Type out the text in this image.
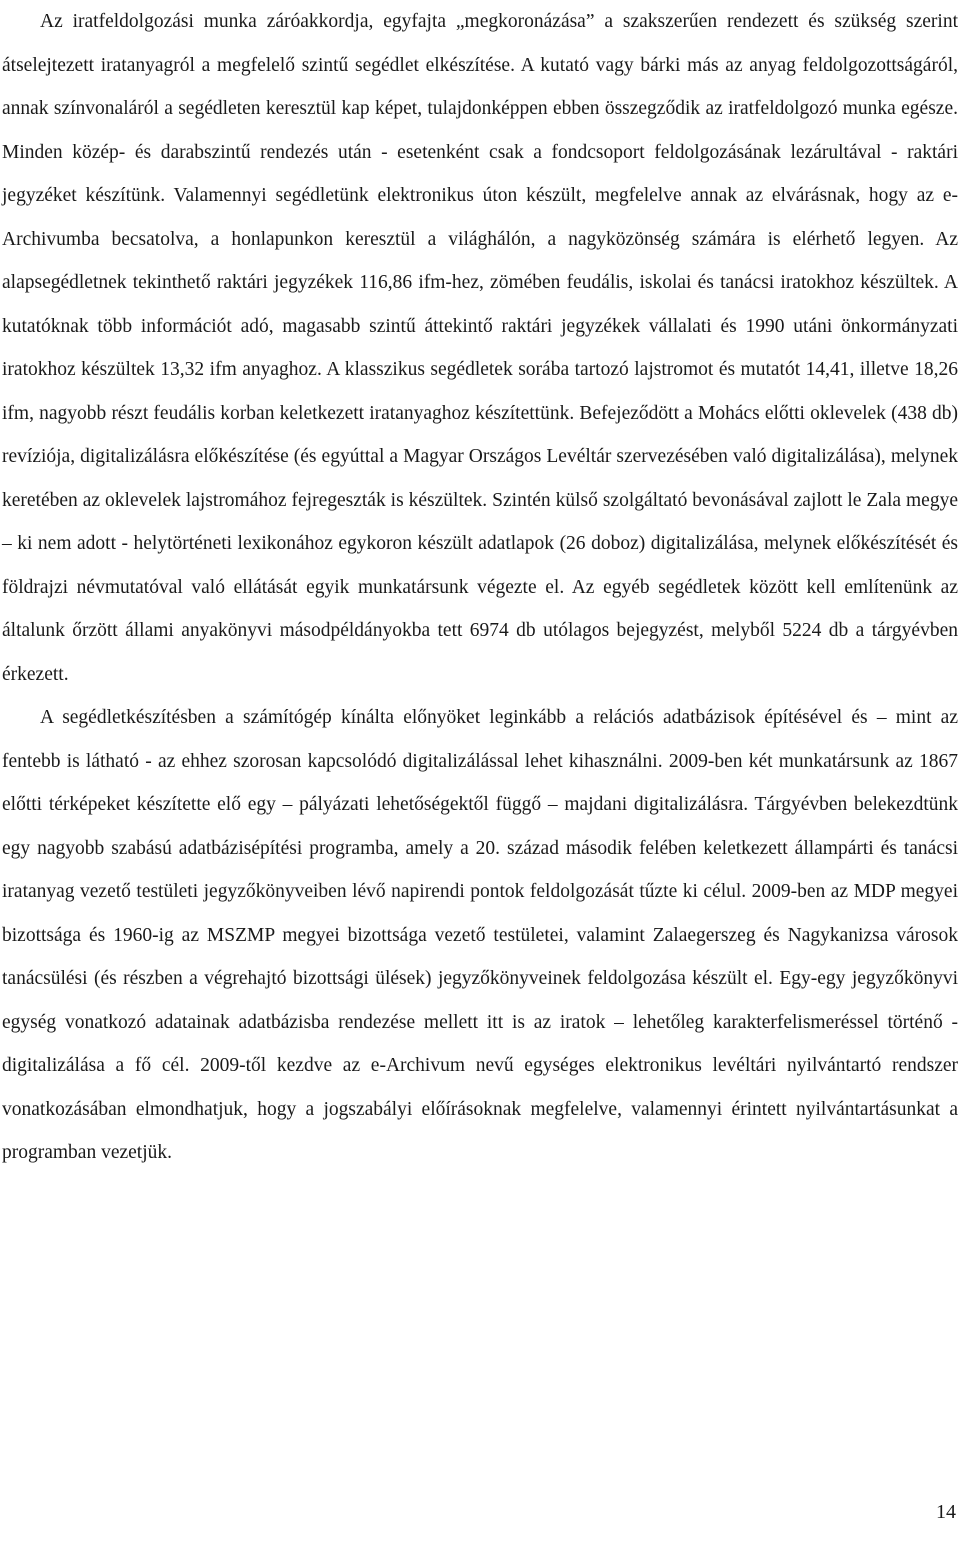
Az iratfeldolgozási munka záróakkordja, egyfajta „megkoronázása” a szakszerűen rendezett és szükség szerint átselejtezett iratanyagról a megfelelő szintű segédlet elkészítése. A kutató vagy bárki más az anyag feldolgozottságáról, annak színvonaláról a segédleten keresztül kap képet, tulajdonképpen ebben összegződik az iratfeldolgozó munka egésze. Minden közép- és darabszintű rendezés után - esetenként csak a fondcsoport feldolgozásának lezárultával - raktári jegyzéket készítünk. Valamennyi segédletünk elektronikus úton készült, megfelelve annak az elvárásnak, hogy az e-Archivumba becsatolva, a honlapunkon keresztül a világhálón, a nagyközönség számára is elérhető legyen. Az alapsegédletnek tekinthető raktári jegyzékek 116,86 ifm-hez, zömében feudális, iskolai és tanácsi iratokhoz készültek. A kutatóknak több információt adó, magasabb szintű áttekintő raktári jegyzékek vállalati és 1990 utáni önkormányzati iratokhoz készültek 13,32 ifm anyaghoz. A klasszikus segédletek sorába tartozó lajstromot és mutatót 14,41, illetve 18,26 ifm, nagyobb részt feudális korban keletkezett iratanyaghoz készítettünk. Befejeződött a Mohács előtti oklevelek (438 db) revíziója, digitalizálásra előkészítése (és egyúttal a Magyar Országos Levéltár szervezésében való digitalizálása), melynek keretében az oklevelek lajstromához fejregeszták is készültek. Szintén külső szolgáltató bevonásával zajlott le Zala megye – ki nem adott - helytörténeti lexikonához egykoron készült adatlapok (26 doboz) digitalizálása, melynek előkészítését és földrajzi névmutatóval való ellátását egyik munkatársunk végezte el. Az egyéb segédletek között kell említenünk az általunk őrzött állami anyakönyvi másodpéldányokba tett 6974 db utólagos bejegyzést, melyből 5224 db a tárgyévben érkezett.

A segédletkészítésben a számítógép kínálta előnyöket leginkább a relációs adatbázisok építésével és – mint az fentebb is látható - az ehhez szorosan kapcsolódó digitalizálással lehet kihasználni. 2009-ben két munkatársunk az 1867 előtti térképeket készítette elő egy – pályázati lehetőségektől függő – majdani digitalizálásra. Tárgyévben belekezdtünk egy nagyobb szabású adatbázisépítési programba, amely a 20. század második felében keletkezett állampárti és tanácsi iratanyag vezető testületi jegyzőkönyveiben lévő napirendi pontok feldolgozását tűzte ki célul. 2009-ben az MDP megyei bizottsága és 1960-ig az MSZMP megyei bizottsága vezető testületei, valamint Zalaegerszeg és Nagykanizsa városok tanácsülési (és részben a végrehajtó bizottsági ülések) jegyzőkönyveinek feldolgozása készült el. Egy-egy jegyzőkönyvi egység vonatkozó adatainak adatbázisba rendezése mellett itt is az iratok – lehetőleg karakterfelismeréssel történő - digitalizálása a fő cél. 2009-től kezdve az e-Archivum nevű egységes elektronikus levéltári nyilvántartó rendszer vonatkozásában elmondhatjuk, hogy a jogszabályi előírásoknak megfelelve, valamennyi érintett nyilvántartásunkat a programban vezetjük.

14
